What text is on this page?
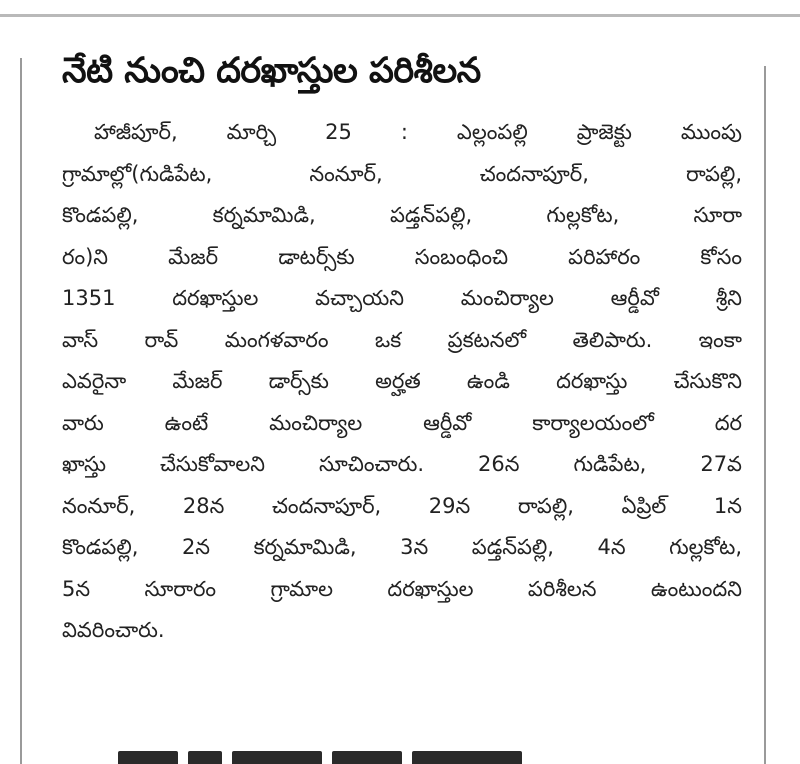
నేటి నుంచి దరఖాస్తుల పరిశీలన
హాజీపూర్, మార్చి 25 : ఎల్లంపల్లి ప్రాజెక్టు ముంపు
గ్రామాల్లో(గుడిపేట, నంనూర్, చందనాపూర్, రాపల్లి,
కొండపల్లి, కర్నమామిడి, పడ్తన్‌పల్లి, గుల్లకోట, సూరా
రం)ని మేజర్ డాటర్స్‌కు సంబంధించి పరిహారం కోసం
1351 దరఖాస్తుల వచ్చాయని మంచిర్యాల ఆర్డీవో శ్రీని
వాస్ రావ్ మంగళవారం ఒక ప్రకటనలో తెలిపారు. ఇంకా
ఎవరైనా మేజర్ డార్స్‌కు అర్హత ఉండి దరఖాస్తు చేసుకొని
వారు ఉంటే మంచిర్యాల ఆర్డీవో కార్యాలయంలో దర
ఖాస్తు చేసుకోవాలని సూచించారు. 26న గుడిపేట, 27వ
నంనూర్, 28న చందనాపూర్, 29న రాపల్లి, ఏప్రిల్ 1న
కొండపల్లి, 2న కర్నమామిడి, 3న పడ్తన్‌పల్లి, 4న గుల్లకోట,
5న సూరారం గ్రామాల దరఖాస్తుల పరిశీలన ఉంటుందని
వివరించారు.
